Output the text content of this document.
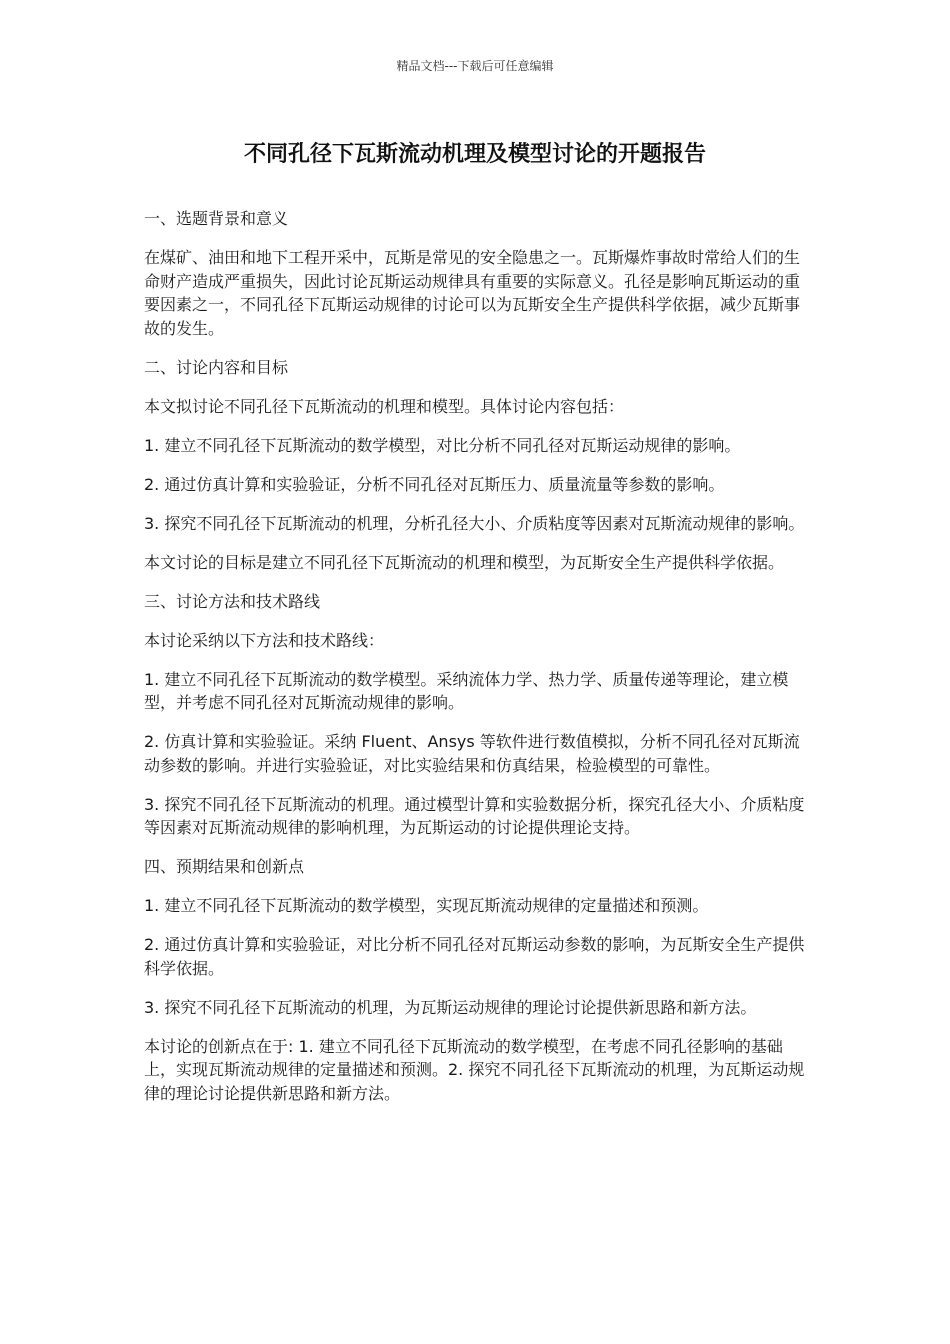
精品文档---下载后可任意编辑
不同孔径下瓦斯流动机理及模型讨论的开题报告

一、选题背景和意义

在煤矿、油田和地下工程开采中，瓦斯是常见的安全隐患之一。瓦斯爆炸事故时常给人们的生命财产造成严重损失，因此讨论瓦斯运动规律具有重要的实际意义。孔径是影响瓦斯运动的重要因素之一，不同孔径下瓦斯运动规律的讨论可以为瓦斯安全生产提供科学依据，减少瓦斯事故的发生。

二、讨论内容和目标

本文拟讨论不同孔径下瓦斯流动的机理和模型。具体讨论内容包括：

1. 建立不同孔径下瓦斯流动的数学模型，对比分析不同孔径对瓦斯运动规律的影响。

2. 通过仿真计算和实验验证，分析不同孔径对瓦斯压力、质量流量等参数的影响。

3. 探究不同孔径下瓦斯流动的机理，分析孔径大小、介质粘度等因素对瓦斯流动规律的影响。

本文讨论的目标是建立不同孔径下瓦斯流动的机理和模型，为瓦斯安全生产提供科学依据。

三、讨论方法和技术路线

本讨论采纳以下方法和技术路线：

1. 建立不同孔径下瓦斯流动的数学模型。采纳流体力学、热力学、质量传递等理论，建立模型，并考虑不同孔径对瓦斯流动规律的影响。

2. 仿真计算和实验验证。采纳 Fluent、Ansys 等软件进行数值模拟，分析不同孔径对瓦斯流动参数的影响。并进行实验验证，对比实验结果和仿真结果，检验模型的可靠性。

3. 探究不同孔径下瓦斯流动的机理。通过模型计算和实验数据分析，探究孔径大小、介质粘度等因素对瓦斯流动规律的影响机理，为瓦斯运动的讨论提供理论支持。

四、预期结果和创新点

1. 建立不同孔径下瓦斯流动的数学模型，实现瓦斯流动规律的定量描述和预测。

2. 通过仿真计算和实验验证，对比分析不同孔径对瓦斯运动参数的影响，为瓦斯安全生产提供科学依据。

3. 探究不同孔径下瓦斯流动的机理，为瓦斯运动规律的理论讨论提供新思路和新方法。

本讨论的创新点在于: 1. 建立不同孔径下瓦斯流动的数学模型，在考虑不同孔径影响的基础上，实现瓦斯流动规律的定量描述和预测。2. 探究不同孔径下瓦斯流动的机理，为瓦斯运动规律的理论讨论提供新思路和新方法。
